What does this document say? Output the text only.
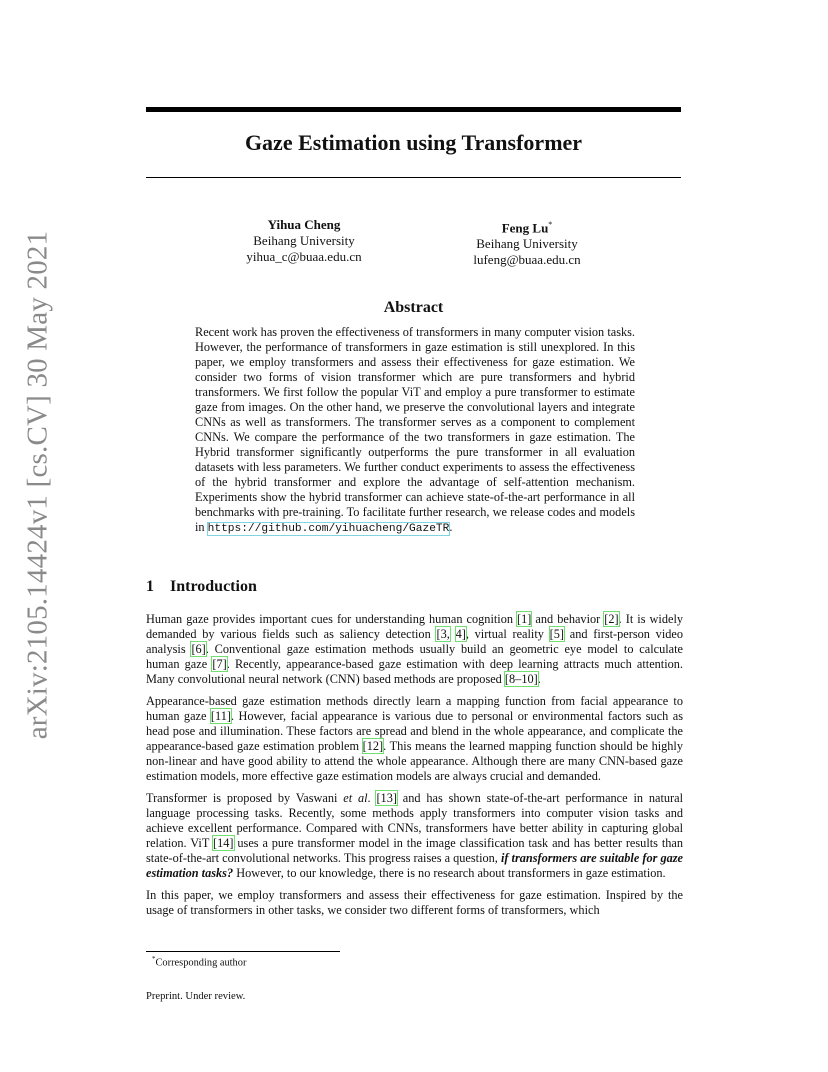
arXiv:2105.14424v1 [cs.CV] 30 May 2021
Gaze Estimation using Transformer
Yihua Cheng
Beihang University
yihua_c@buaa.edu.cn
Feng Lu*
Beihang University
lufeng@buaa.edu.cn
Abstract
Recent work has proven the effectiveness of transformers in many computer vision tasks. However, the performance of transformers in gaze estimation is still unexplored. In this paper, we employ transformers and assess their effectiveness for gaze estimation. We consider two forms of vision transformer which are pure transformers and hybrid transformers. We first follow the popular ViT and employ a pure transformer to estimate gaze from images. On the other hand, we preserve the convolutional layers and integrate CNNs as well as transformers. The transformer serves as a component to complement CNNs. We compare the performance of the two transformers in gaze estimation. The Hybrid transformer significantly outperforms the pure transformer in all evaluation datasets with less parameters. We further conduct experiments to assess the effectiveness of the hybrid transformer and explore the advantage of self-attention mechanism. Experiments show the hybrid transformer can achieve state-of-the-art performance in all benchmarks with pre-training. To facilitate further research, we release codes and models in https://github.com/yihuacheng/GazeTR.
1 Introduction

Human gaze provides important cues for understanding human cognition [1] and behavior [2]. It is widely demanded by various fields such as saliency detection [3, 4], virtual reality [5] and first-person video analysis [6]. Conventional gaze estimation methods usually build an geometric eye model to calculate human gaze [7]. Recently, appearance-based gaze estimation with deep learning attracts much attention. Many convolutional neural network (CNN) based methods are proposed [8–10].

Appearance-based gaze estimation methods directly learn a mapping function from facial appearance to human gaze [11]. However, facial appearance is various due to personal or environmental factors such as head pose and illumination. These factors are spread and blend in the whole appearance, and complicate the appearance-based gaze estimation problem [12]. This means the learned mapping function should be highly non-linear and have good ability to attend the whole appearance. Although there are many CNN-based gaze estimation models, more effective gaze estimation models are always crucial and demanded.

Transformer is proposed by Vaswani et al. [13] and has shown state-of-the-art performance in natural language processing tasks. Recently, some methods apply transformers into computer vision tasks and achieve excellent performance. Compared with CNNs, transformers have better ability in capturing global relation. ViT [14] uses a pure transformer model in the image classification task and has better results than state-of-the-art convolutional networks. This progress raises a question, if transformers are suitable for gaze estimation tasks? However, to our knowledge, there is no research about transformers in gaze estimation.

In this paper, we employ transformers and assess their effectiveness for gaze estimation. Inspired by the usage of transformers in other tasks, we consider two different forms of transformers, which

*Corresponding author
Preprint. Under review.
